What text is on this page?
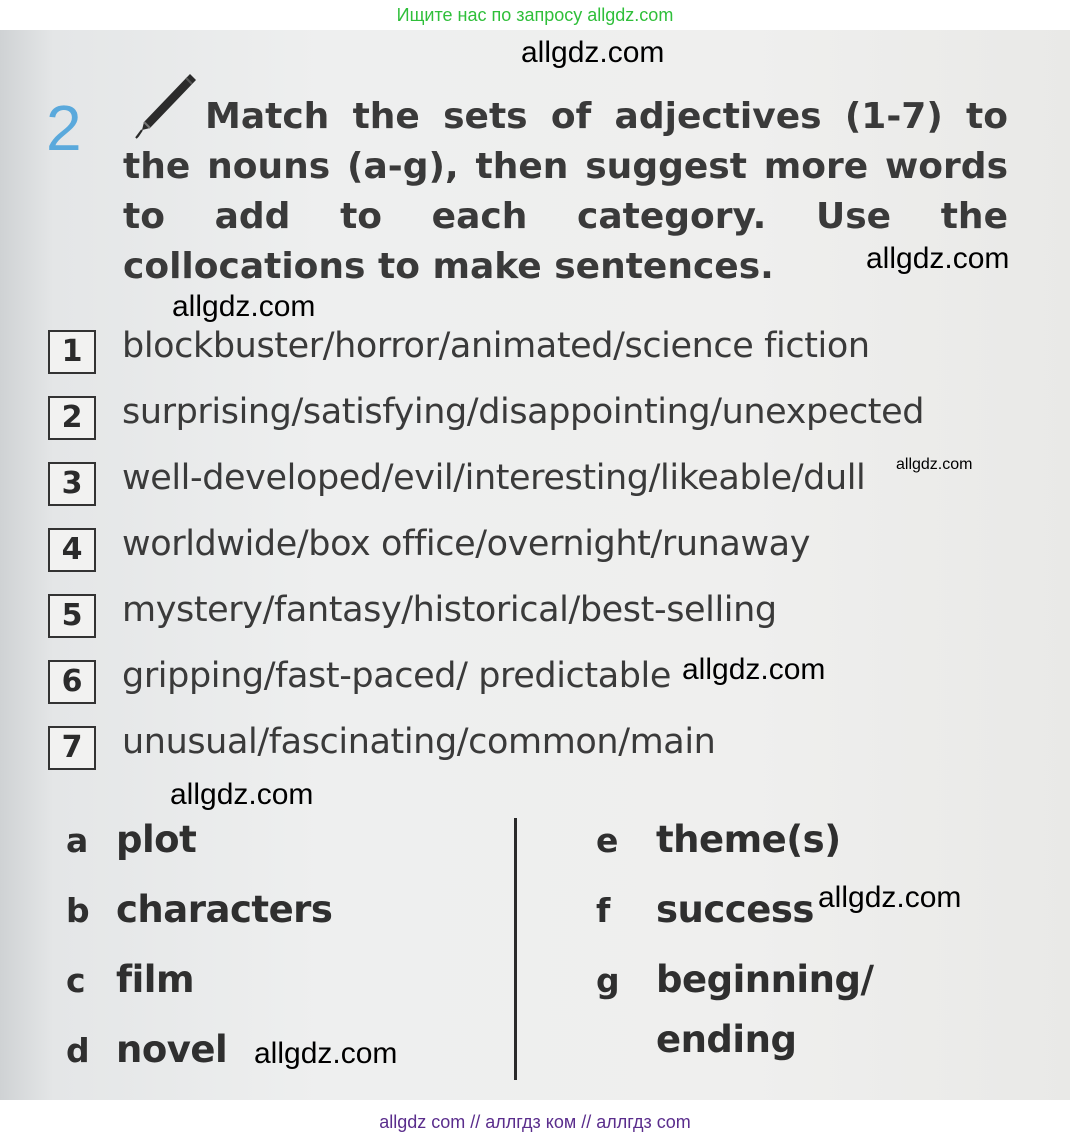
Ищите нас по запросу allgdz.com
2	Match the sets of adjectives (1-7) to the nouns (a-g), then suggest more words to add to each category. Use the collocations to make sentences.

1	blockbuster/horror/animated/science fiction
2	surprising/satisfying/disappointing/unexpected
3	well-developed/evil/interesting/likeable/dull
4	worldwide/box office/overnight/runaway
5	mystery/fantasy/historical/best-selling
6	gripping/fast-paced/ predictable
7	unusual/fascinating/common/main
a plot
b characters
c film
d novel
e theme(s)
f success
g beginning/
ending
allgdz.com
allgdz.com
allgdz.com
allgdz.com
allgdz.com
allgdz.com
allgdz.com
allgdz.com
allgdz com // аллгдз ком // аллгдз com
